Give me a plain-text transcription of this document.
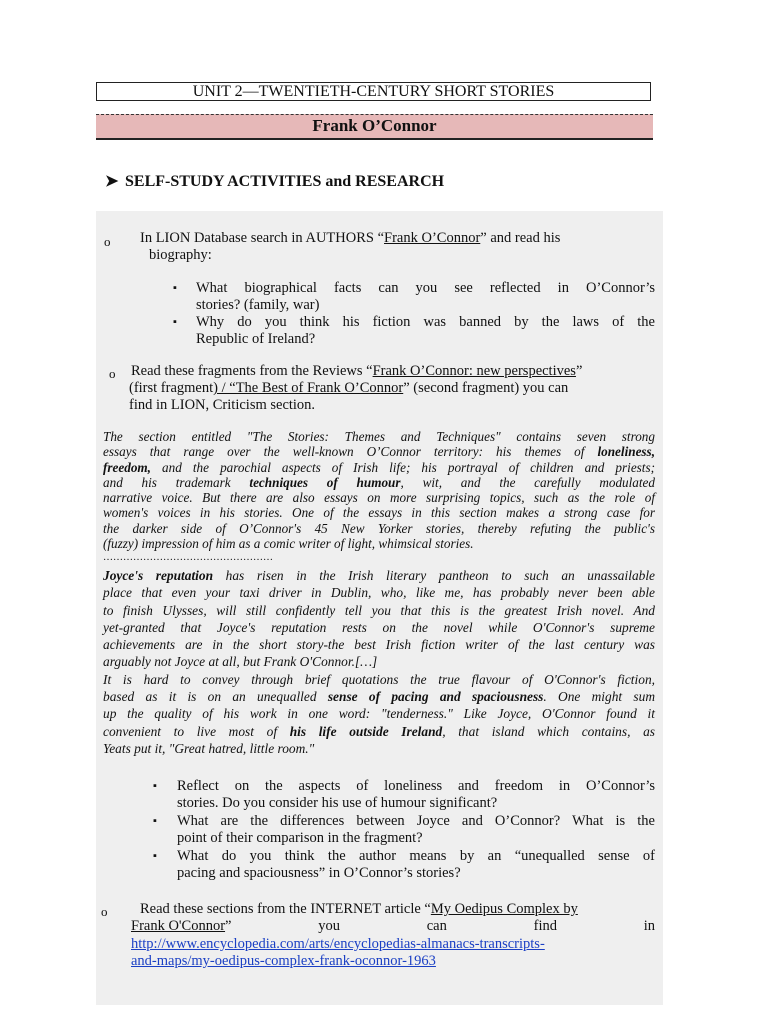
UNIT 2—TWENTIETH-CENTURY SHORT STORIES
Frank O’Connor
➤ SELF-STUDY ACTIVITIES and RESEARCH
o In LION Database search in AUTHORS “Frank O’Connor” and read his
biography:
▪ What biographical facts can you see reflected in O’Connor’s
stories? (family, war)
▪ Why do you think his fiction was banned by the laws of the
Republic of Ireland?
o Read these fragments from the Reviews “Frank O’Connor: new perspectives”
(first fragment) / “The Best of Frank O’Connor” (second fragment) you can
find in LION, Criticism section.
The section entitled "The Stories: Themes and Techniques" contains seven strong
essays that range over the well-known O’Connor territory: his themes of loneliness,
freedom, and the parochial aspects of Irish life; his portrayal of children and priests;
and his trademark techniques of humour, wit, and the carefully modulated
narrative voice. But there are also essays on more surprising topics, such as the role of
women's voices in his stories. One of the essays in this section makes a strong case for
the darker side of O’Connor's 45 New Yorker stories, thereby refuting the public's
(fuzzy) impression of him as a comic writer of light, whimsical stories.
……………………………………………
Joyce's reputation has risen in the Irish literary pantheon to such an unassailable
place that even your taxi driver in Dublin, who, like me, has probably never been able
to finish Ulysses, will still confidently tell you that this is the greatest Irish novel. And
yet-granted that Joyce's reputation rests on the novel while O'Connor's supreme
achievements are in the short story-the best Irish fiction writer of the last century was
arguably not Joyce at all, but Frank O'Connor.[…]
It is hard to convey through brief quotations the true flavour of O'Connor's fiction,
based as it is on an unequalled sense of pacing and spaciousness. One might sum
up the quality of his work in one word: "tenderness." Like Joyce, O'Connor found it
convenient to live most of his life outside Ireland, that island which contains, as
Yeats put it, "Great hatred, little room."
▪ Reflect on the aspects of loneliness and freedom in O’Connor’s
stories. Do you consider his use of humour significant?
▪ What are the differences between Joyce and O’Connor? What is the
point of their comparison in the fragment?
▪ What do you think the author means by an “unequalled sense of
pacing and spaciousness” in O’Connor’s stories?
o Read these sections from the INTERNET article “My Oedipus Complex by
Frank O'Connor”	you	can	find	in
http://www.encyclopedia.com/arts/encyclopedias-almanacs-transcripts-
and-maps/my-oedipus-complex-frank-oconnor-1963
